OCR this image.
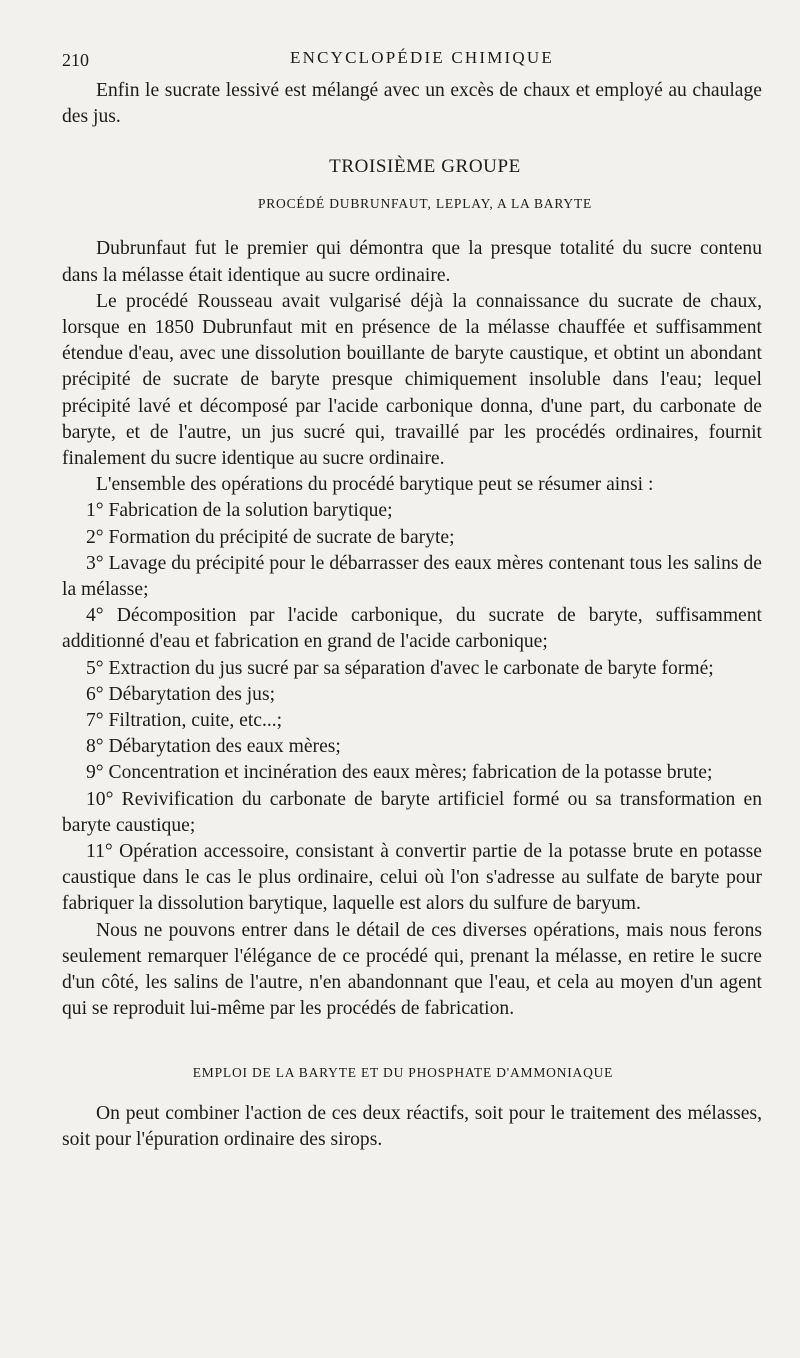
210	ENCYCLOPÉDIE CHIMIQUE

Enfin le sucrate lessivé est mélangé avec un excès de chaux et employé au chaulage des jus.

TROISIÈME GROUPE
PROCÉDÉ DUBRUNFAUT, LEPLAY, A LA BARYTE

Dubrunfaut fut le premier qui démontra que la presque totalité du sucre contenu dans la mélasse était identique au sucre ordinaire.

Le procédé Rousseau avait vulgarisé déjà la connaissance du sucrate de chaux, lorsque en 1850 Dubrunfaut mit en présence de la mélasse chauffée et suffisamment étendue d'eau, avec une dissolution bouillante de baryte caustique, et obtint un abondant précipité de sucrate de baryte presque chimiquement insoluble dans l'eau; lequel précipité lavé et décomposé par l'acide carbonique donna, d'une part, du carbonate de baryte, et de l'autre, un jus sucré qui, travaillé par les procédés ordinaires, fournit finalement du sucre identique au sucre ordinaire.

L'ensemble des opérations du procédé barytique peut se résumer ainsi :

1° Fabrication de la solution barytique;

2° Formation du précipité de sucrate de baryte;

3° Lavage du précipité pour le débarrasser des eaux mères contenant tous les salins de la mélasse;

4° Décomposition par l'acide carbonique, du sucrate de baryte, suffisamment additionné d'eau et fabrication en grand de l'acide carbonique;

5° Extraction du jus sucré par sa séparation d'avec le carbonate de baryte formé;

6° Débarytation des jus;

7° Filtration, cuite, etc...;

8° Débarytation des eaux mères;

9° Concentration et incinération des eaux mères; fabrication de la potasse brute;

10° Revivification du carbonate de baryte artificiel formé ou sa transformation en baryte caustique;

11° Opération accessoire, consistant à convertir partie de la potasse brute en potasse caustique dans le cas le plus ordinaire, celui où l'on s'adresse au sulfate de baryte pour fabriquer la dissolution barytique, laquelle est alors du sulfure de baryum.

Nous ne pouvons entrer dans le détail de ces diverses opérations, mais nous ferons seulement remarquer l'élégance de ce procédé qui, prenant la mélasse, en retire le sucre d'un côté, les salins de l'autre, n'en abandonnant que l'eau, et cela au moyen d'un agent qui se reproduit lui-même par les procédés de fabrication.

EMPLOI DE LA BARYTE ET DU PHOSPHATE D'AMMONIAQUE

On peut combiner l'action de ces deux réactifs, soit pour le traitement des mélasses, soit pour l'épuration ordinaire des sirops.
